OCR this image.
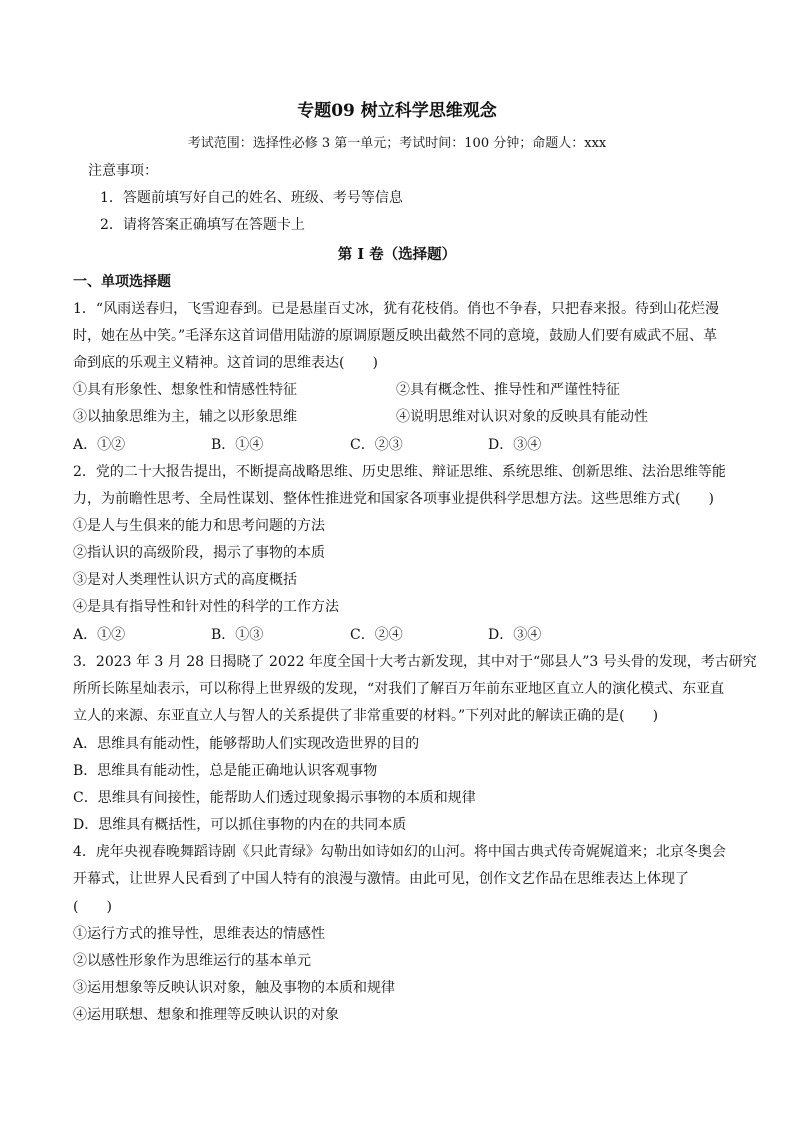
专题09 树立科学思维观念
考试范围：选择性必修 3 第一单元；考试时间：100 分钟；命题人：xxx
注意事项：
1．答题前填写好自己的姓名、班级、考号等信息
2．请将答案正确填写在答题卡上
第 I 卷（选择题）
一、单项选择题
1．“风雨送春归，飞雪迎春到。已是悬崖百丈冰，犹有花枝俏。俏也不争春，只把春来报。待到山花烂漫
时，她在丛中笑。”毛泽东这首词借用陆游的原调原题反映出截然不同的意境，鼓励人们要有威武不屈、革
命到底的乐观主义精神。这首词的思维表达(　　)
①具有形象性、想象性和情感性特征	②具有概念性、推导性和严谨性特征
③以抽象思维为主，辅之以形象思维	④说明思维对认识对象的反映具有能动性
A．①②	B．①④	C．②③	D．③④
2．党的二十大报告提出，不断提高战略思维、历史思维、辩证思维、系统思维、创新思维、法治思维等能
力，为前瞻性思考、全局性谋划、整体性推进党和国家各项事业提供科学思想方法。这些思维方式(　　)
①是人与生俱来的能力和思考问题的方法
②指认识的高级阶段，揭示了事物的本质
③是对人类理性认识方式的高度概括
④是具有指导性和针对性的科学的工作方法
A．①②	B．①③	C．②④	D．③④
3．2023 年 3 月 28 日揭晓了 2022 年度全国十大考古新发现，其中对于“郧县人”3 号头骨的发现，考古研究
所所长陈星灿表示，可以称得上世界级的发现，“对我们了解百万年前东亚地区直立人的演化模式、东亚直
立人的来源、东亚直立人与智人的关系提供了非常重要的材料。”下列对此的解读正确的是(　　)
A．思维具有能动性，能够帮助人们实现改造世界的目的
B．思维具有能动性，总是能正确地认识客观事物
C．思维具有间接性，能帮助人们透过现象揭示事物的本质和规律
D．思维具有概括性，可以抓住事物的内在的共同本质
4．虎年央视春晚舞蹈诗剧《只此青绿》勾勒出如诗如幻的山河。将中国古典式传奇娓娓道来；北京冬奥会
开幕式，让世界人民看到了中国人特有的浪漫与激情。由此可见，创作文艺作品在思维表达上体现了
(　　)
①运行方式的推导性，思维表达的情感性
②以感性形象作为思维运行的基本单元
③运用想象等反映认识对象，触及事物的本质和规律
④运用联想、想象和推理等反映认识的对象
